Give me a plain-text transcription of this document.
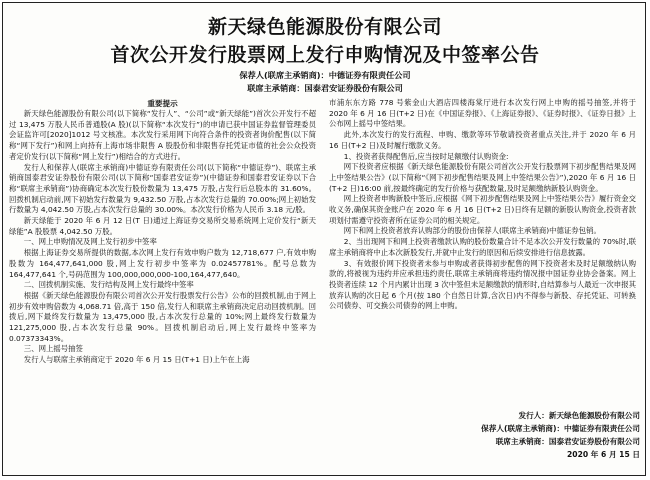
新天绿色能源股份有限公司
首次公开发行股票网上发行申购情况及中签率公告
保荐人(联席主承销商)：中德证券有限责任公司
联席主承销商：国泰君安证券股份有限公司
重要提示

新天绿色能源股份有限公司(以下简称“发行人”、“公司”或“新天绿能”)首次公开发行不超过 13,475 万股人民币普通股(A 股)(以下简称“本次发行”)的申请已获中国证券监督管理委员会证监许可[2020]1012 号文核准。本次发行采用网下向符合条件的投资者询价配售(以下简称“网下发行”)和网上向持有上海市场非限售 A 股股份和非限售存托凭证市值的社会公众投资者定价发行(以下简称“网上发行”)相结合的方式进行。

发行人和保荐人(联席主承销商)中德证券有限责任公司(以下简称“中德证券”)、联席主承销商国泰君安证券股份有限公司(以下简称“国泰君安证券”)(中德证券和国泰君安证券以下合称“联席主承销商”)协商确定本次发行股份数量为 13,475 万股,占发行后总股本的 31.60%。回拨机制启动前,网下初始发行数量为 9,432.50 万股,占本次发行总量的 70.00%;网上初始发行数量为 4,042.50 万股,占本次发行总量的 30.00%。本次发行价格为人民币 3.18 元/股。

新天绿能于 2020 年 6 月 12 日(T 日)通过上海证券交易所交易系统网上定价发行“新天绿能”A 股股票 4,042.50 万股。

一、网上申购情况及网上发行初步中签率

根据上海证券交易所提供的数据,本次网上发行有效申购户数为 12,718,677 户,有效申购股数为 164,477,641,000 股,网上发行初步中签率为 0.02457781%。配号总数为 164,477,641 个,号码范围为 100,000,000,000-100,164,477,640。

二、回拨机制实施、发行结构及网上发行最终中签率

根据《新天绿色能源股份有限公司首次公开发行股票发行公告》公布的回拨机制,由于网上初步有效申购倍数为 4,068.71 倍,高于 150 倍,发行人和联席主承销商决定启动回拨机制。回拨后,网下最终发行数量为 13,475,000 股,占本次发行总量的 10%;网上最终发行数量为 121,275,000 股,占本次发行总量 90%。回拨机制启动后,网上发行最终中签率为 0.07373343%。

三、网上摇号抽签

发行人与联席主承销商定于 2020 年 6 月 15 日(T+1 日)上午在上海

市浦东东方路 778 号紫金山大酒店四楼海棠厅进行本次发行网上申购的摇号抽签,并将于 2020 年 6 月 16 日(T+2 日)在《中国证券报》、《上海证券报》、《证券时报》、《证券日报》上公布网上摇号中签结果。

此外,本次发行的发行流程、申购、缴款等环节敬请投资者重点关注,并于 2020 年 6 月 16 日(T+2 日)及时履行缴款义务。

1、投资者获得配售后,应当按时足额缴付认购资金:

网下投资者应根据《新天绿色能源股份有限公司首次公开发行股票网下初步配售结果及网上中签结果公告》(以下简称“《网下初步配售结果及网上中签结果公告》”),2020 年 6 月 16 日(T+2 日)16:00 前,按最终确定的发行价格与获配数量,及时足额缴纳新股认购资金。

网上投资者申购新股中签后,应根据《网下初步配售结果及网上中签结果公告》履行资金交收义务,确保其资金账户在 2020 年 6 月 16 日(T+2 日)日终有足额的新股认购资金,投资者款项划付需遵守投资者所在证券公司的相关规定。

网下和网上投资者放弃认购部分的股份由保荐人(联席主承销商)中德证券包销。

2、当出现网下和网上投资者缴款认购的股份数量合计不足本次公开发行数量的 70%时,联席主承销商将中止本次新股发行,并就中止发行的原因和后续安排进行信息披露。

3、有效报价网下投资者未参与申购或者获得初步配售的网下投资者未及时足额缴纳认购款的,将被视为违约并应承担违约责任,联席主承销商将违约情况报中国证券业协会备案。网上投资者连续 12 个月内累计出现 3 次中签但未足额缴款的情形时,自结算参与人最近一次申报其放弃认购的次日起 6 个月(按 180 个自然日计算,含次日)内不得参与新股、存托凭证、可转换公司债券、可交换公司债券的网上申购。

发行人：新天绿色能源股份有限公司
保荐人(联席主承销商)：中德证券有限责任公司
联席主承销商：国泰君安证券股份有限公司
2020 年 6 月 15 日
